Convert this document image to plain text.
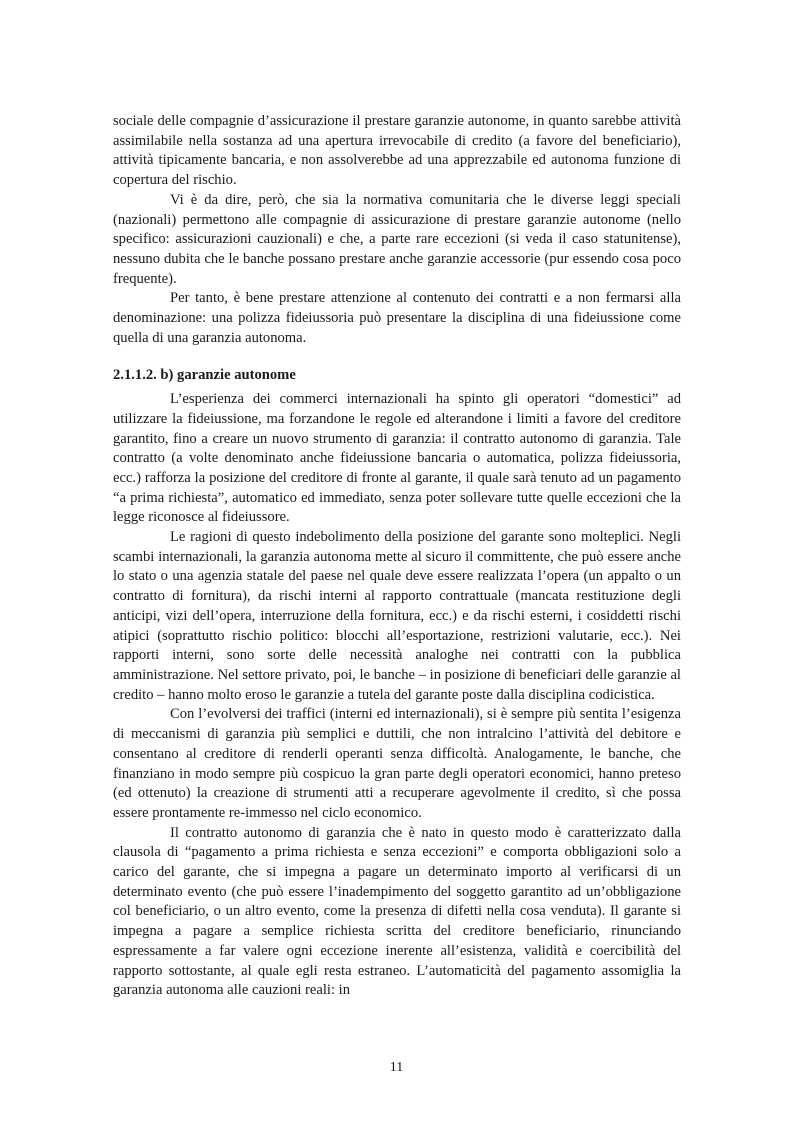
sociale delle compagnie d’assicurazione il prestare garanzie autonome, in quanto sarebbe attività assimilabile nella sostanza ad una apertura irrevocabile di credito (a favore del beneficiario), attività tipicamente bancaria, e non assolverebbe ad una apprezzabile ed autonoma funzione di copertura del rischio.

Vi è da dire, però, che sia la normativa comunitaria che le diverse leggi speciali (nazionali) permettono alle compagnie di assicurazione di prestare garanzie autonome (nello specifico: assicurazioni cauzionali) e che, a parte rare eccezioni (si veda il caso statunitense), nessuno dubita che le banche possano prestare anche garanzie accessorie (pur essendo cosa poco frequente).

Per tanto, è bene prestare attenzione al contenuto dei contratti e a non fermarsi alla denominazione: una polizza fideiussoria può presentare la disciplina di una fideiussione come quella di una garanzia autonoma.

2.1.1.2. b) garanzie autonome

L’esperienza dei commerci internazionali ha spinto gli operatori “domestici” ad utilizzare la fideiussione, ma forzandone le regole ed alterandone i limiti a favore del creditore garantito, fino a creare un nuovo strumento di garanzia: il contratto autonomo di garanzia. Tale contratto (a volte denominato anche fideiussione bancaria o automatica, polizza fideiussoria, ecc.) rafforza la posizione del creditore di fronte al garante, il quale sarà tenuto ad un pagamento “a prima richiesta”, automatico ed immediato, senza poter sollevare tutte quelle eccezioni che la legge riconosce al fideiussore.

Le ragioni di questo indebolimento della posizione del garante sono molteplici. Negli scambi internazionali, la garanzia autonoma mette al sicuro il committente, che può essere anche lo stato o una agenzia statale del paese nel quale deve essere realizzata l’opera (un appalto o un contratto di fornitura), da rischi interni al rapporto contrattuale (mancata restituzione degli anticipi, vizi dell’opera, interruzione della fornitura, ecc.) e da rischi esterni, i cosiddetti rischi atipici (soprattutto rischio politico: blocchi all’esportazione, restrizioni valutarie, ecc.). Nei rapporti interni, sono sorte delle necessità analoghe nei contratti con la pubblica amministrazione. Nel settore privato, poi, le banche – in posizione di beneficiari delle garanzie al credito – hanno molto eroso le garanzie a tutela del garante poste dalla disciplina codicistica.

Con l’evolversi dei traffici (interni ed internazionali), si è sempre più sentita l’esigenza di meccanismi di garanzia più semplici e duttili, che non intralcino l’attività del debitore e consentano al creditore di renderli operanti senza difficoltà. Analogamente, le banche, che finanziano in modo sempre più cospicuo la gran parte degli operatori economici, hanno preteso (ed ottenuto) la creazione di strumenti atti a recuperare agevolmente il credito, sì che possa essere prontamente re-immesso nel ciclo economico.

Il contratto autonomo di garanzia che è nato in questo modo è caratterizzato dalla clausola di “pagamento a prima richiesta e senza eccezioni” e comporta obbligazioni solo a carico del garante, che si impegna a pagare un determinato importo al verificarsi di un determinato evento (che può essere l’inadempimento del soggetto garantito ad un’obbligazione col beneficiario, o un altro evento, come la presenza di difetti nella cosa venduta). Il garante si impegna a pagare a semplice richiesta scritta del creditore beneficiario, rinunciando espressamente a far valere ogni eccezione inerente all’esistenza, validità e coercibilità del rapporto sottostante, al quale egli resta estraneo. L’automaticità del pagamento assomiglia la garanzia autonoma alle cauzioni reali: in

11
